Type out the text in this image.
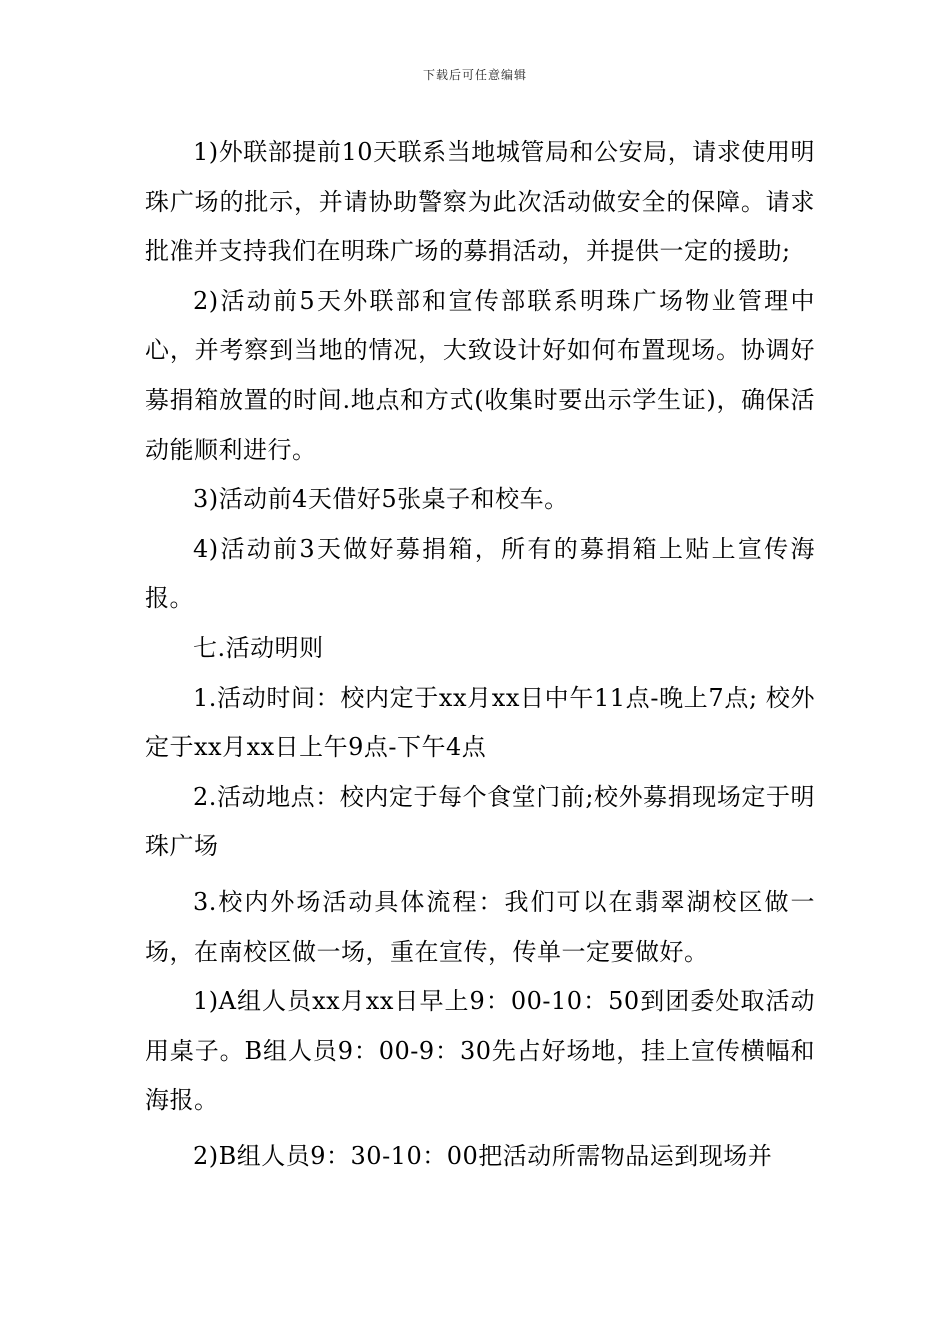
下载后可任意编辑

1)外联部提前10天联系当地城管局和公安局，请求使用明珠广场的批示，并请协助警察为此次活动做安全的保障。请求批准并支持我们在明珠广场的募捐活动，并提供一定的援助;

2)活动前5天外联部和宣传部联系明珠广场物业管理中心，并考察到当地的情况，大致设计好如何布置现场。协调好募捐箱放置的时间.地点和方式(收集时要出示学生证)，确保活动能顺利进行。

3)活动前4天借好5张桌子和校车。

4)活动前3天做好募捐箱，所有的募捐箱上贴上宣传海报。

七.活动明则

1.活动时间：校内定于xx月xx日中午11点-晚上7点; 校外定于xx月xx日上午9点-下午4点

2.活动地点：校内定于每个食堂门前;校外募捐现场定于明珠广场

3.校内外场活动具体流程：我们可以在翡翠湖校区做一场，在南校区做一场，重在宣传，传单一定要做好。

1)A组人员xx月xx日早上9：00-10：50到团委处取活动用桌子。B组人员9：00-9：30先占好场地，挂上宣传横幅和海报。

2)B组人员9：30-10：00把活动所需物品运到现场并
